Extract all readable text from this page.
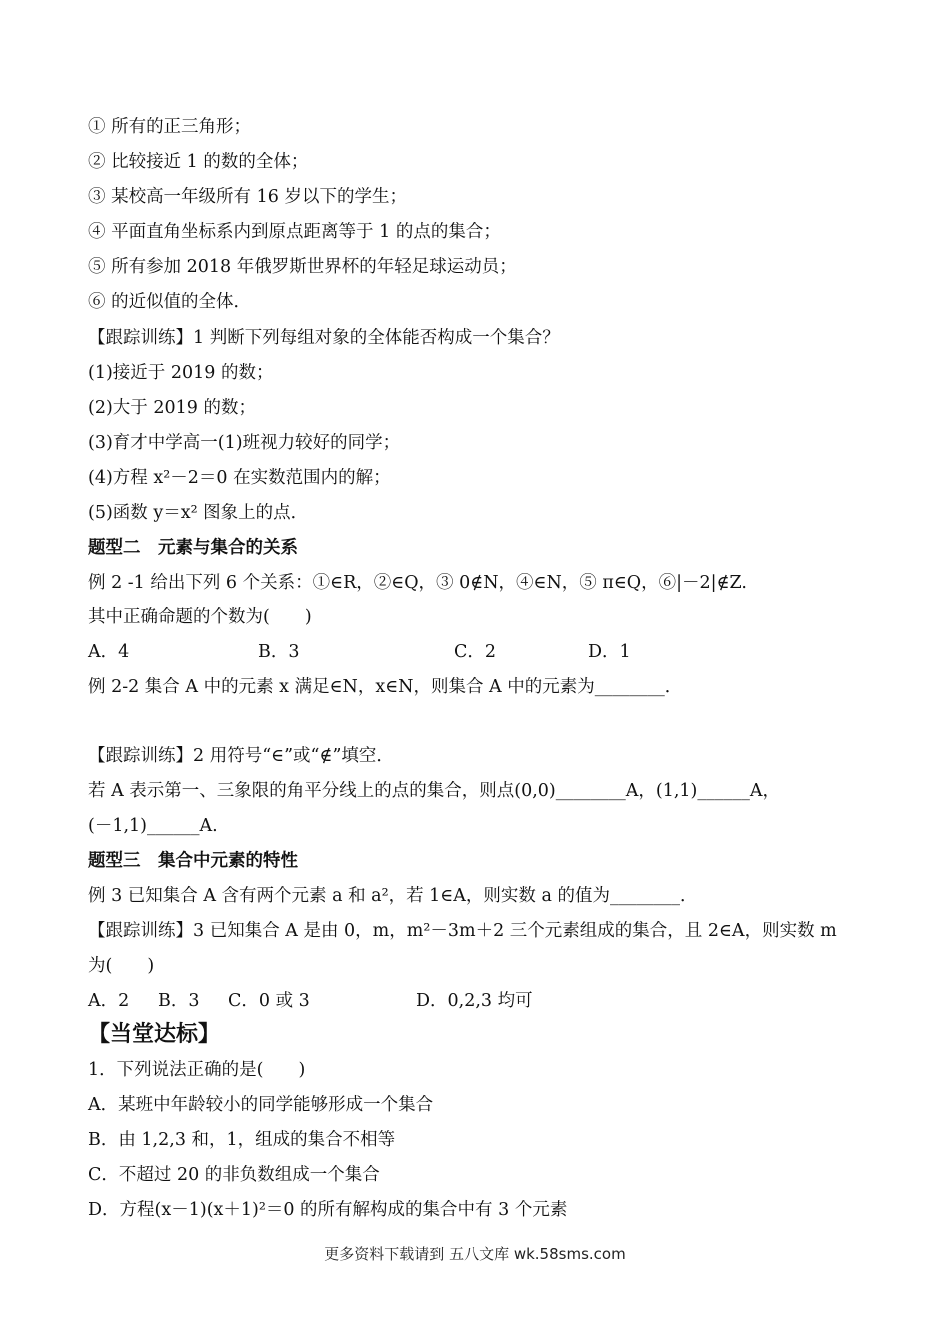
① 所有的正三角形；
② 比较接近 1 的数的全体；
③ 某校高一年级所有 16 岁以下的学生；
④ 平面直角坐标系内到原点距离等于 1 的点的集合；
⑤ 所有参加 2018 年俄罗斯世界杯的年轻足球运动员；
⑥ 的近似值的全体．
【跟踪训练】1 判断下列每组对象的全体能否构成一个集合？
(1)接近于 2019 的数；
(2)大于 2019 的数；
(3)育才中学高一(1)班视力较好的同学；
(4)方程 x²－2＝0 在实数范围内的解；
(5)函数 y＝x² 图象上的点．
题型二　元素与集合的关系
例 2 -1 给出下列 6 个关系：①∈R，②∈Q，③ 0∉N，④∈N，⑤ π∈Q，⑥|－2|∉Z.
其中正确命题的个数为(　　)
A．4	B．3	C．2	D．1
例 2-2 集合 A 中的元素 x 满足∈N，x∈N，则集合 A 中的元素为________．
【跟踪训练】2 用符号“∈”或“∉”填空．
若 A 表示第一、三象限的角平分线上的点的集合，则点(0,0)________A，(1,1)______A，
(－1,1)______A.
题型三　集合中元素的特性
例 3 已知集合 A 含有两个元素 a 和 a²，若 1∈A，则实数 a 的值为________．
【跟踪训练】3 已知集合 A 是由 0，m，m²－3m＋2 三个元素组成的集合，且 2∈A，则实数 m
为(　　)
A．2 B．3 C．0 或 3	D．0,2,3 均可
【当堂达标】
1．下列说法正确的是(　　)
A．某班中年龄较小的同学能够形成一个集合
B．由 1,2,3 和，1，组成的集合不相等
C．不超过 20 的非负数组成一个集合
D．方程(x－1)(x＋1)²＝0 的所有解构成的集合中有 3 个元素
更多资料下载请到 五八文库 wk.58sms.com
